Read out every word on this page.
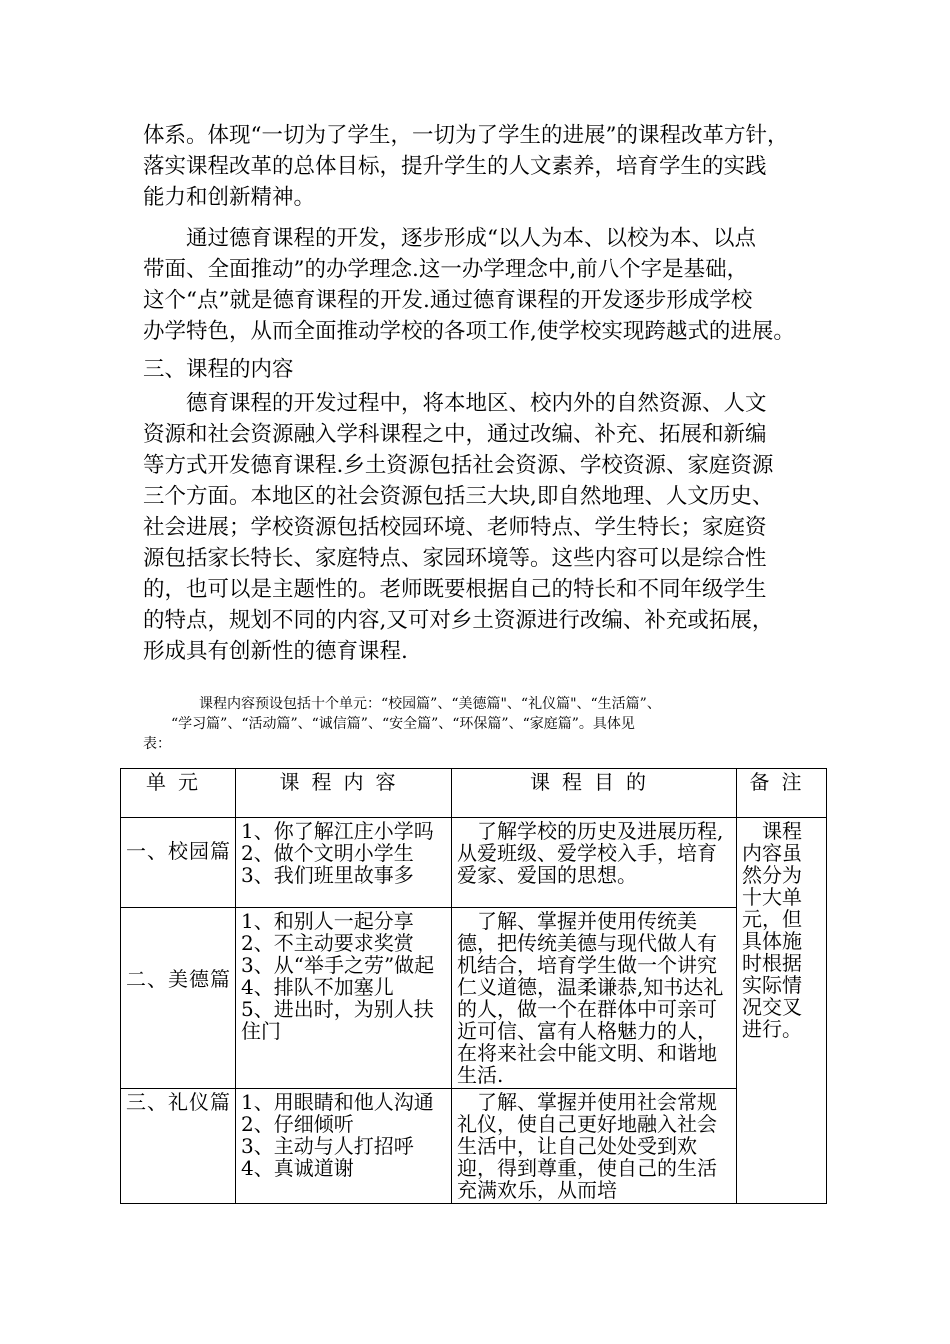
体系。体现“一切为了学生，一切为了学生的进展”的课程改革方针，
落实课程改革的总体目标，提升学生的人文素养，培育学生的实践
能力和创新精神。

　　通过德育课程的开发，逐步形成“以人为本、以校为本、以点
带面、全面推动”的办学理念.这一办学理念中,前八个字是基础，
这个“点”就是德育课程的开发.通过德育课程的开发逐步形成学校
办学特色，从而全面推动学校的各项工作,使学校实现跨越式的进展。

三、课程的内容

　　德育课程的开发过程中，将本地区、校内外的自然资源、人文
资源和社会资源融入学科课程之中，通过改编、补充、拓展和新编
等方式开发德育课程.乡土资源包括社会资源、学校资源、家庭资源
三个方面。本地区的社会资源包括三大块,即自然地理、人文历史、
社会进展；学校资源包括校园环境、老师特点、学生特长；家庭资
源包括家长特长、家庭特点、家园环境等。这些内容可以是综合性
的，也可以是主题性的。老师既要根据自己的特长和不同年级学生
的特点，规划不同的内容,又可对乡土资源进行改编、补充或拓展，
形成具有创新性的德育课程.

　　　　课程内容预设包括十个单元：“校园篇”、“美德篇"、“礼仪篇"、“生活篇”、
　　“学习篇”、“活动篇”、“诚信篇”、“安全篇”、“环保篇”、“家庭篇”。具体见
表：

单元	课程内容	课程目的	备注
一、校园篇	1、你了解江庄小学吗
2、做个文明小学生
3、我们班里故事多	　了解学校的历史及进展历程,从爱班级、爱学校入手，培育爱家、爱国的思想。	　课程内容虽然分为十大单元，但具体施时根据实际情况交叉进行。
二、美德篇	1、和别人一起分享
2、不主动要求奖赏
3、从“举手之劳”做起
4、排队不加塞儿
5、进出时，为别人扶住门	　了解、掌握并使用传统美德，把传统美德与现代做人有机结合，培育学生做一个讲究仁义道德，温柔谦恭,知书达礼的人，做一个在群体中可亲可近可信、富有人格魅力的人，在将来社会中能文明、和谐地生活.	
三、礼仪篇	1、用眼睛和他人沟通
2、仔细倾听
3、主动与人打招呼
4、真诚道谢	　了解、掌握并使用社会常规礼仪，使自己更好地融入社会生活中，让自己处处受到欢迎，得到尊重，使自己的生活充满欢乐，从而培	
